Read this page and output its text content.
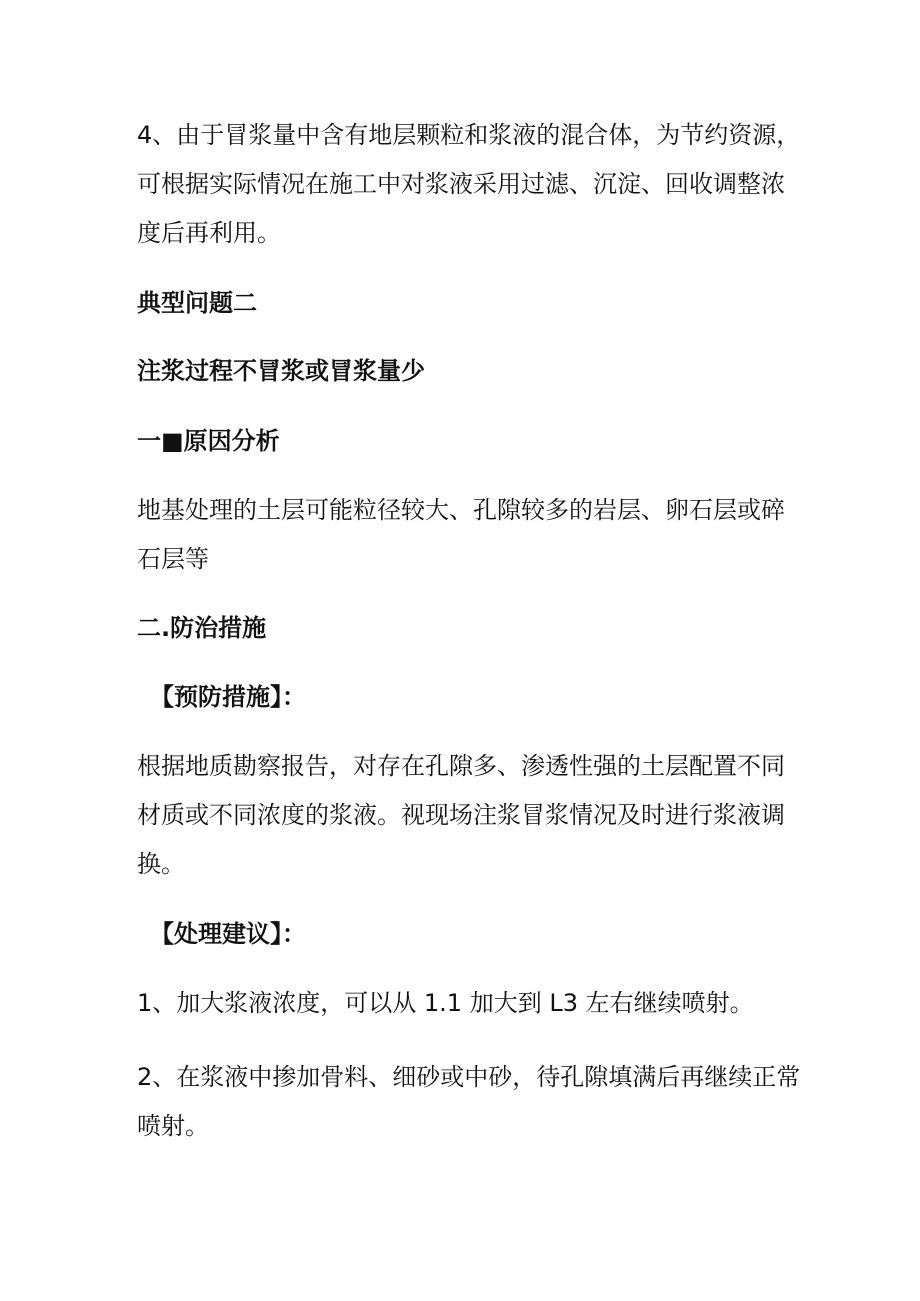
4、由于冒浆量中含有地层颗粒和浆液的混合体，为节约资源，
可根据实际情况在施工中对浆液采用过滤、沉淀、回收调整浓
度后再利用。

典型问题二

注浆过程不冒浆或冒浆量少

一■原因分析

地基处理的土层可能粒径较大、孔隙较多的岩层、卵石层或碎
石层等

二.防治措施

【预防措施】：

根据地质勘察报告，对存在孔隙多、渗透性强的土层配置不同
材质或不同浓度的浆液。视现场注浆冒浆情况及时进行浆液调
换。

【处理建议】：

1、加大浆液浓度，可以从 1.1 加大到 L3 左右继续喷射。

2、在浆液中掺加骨料、细砂或中砂，待孔隙填满后再继续正常
喷射。
